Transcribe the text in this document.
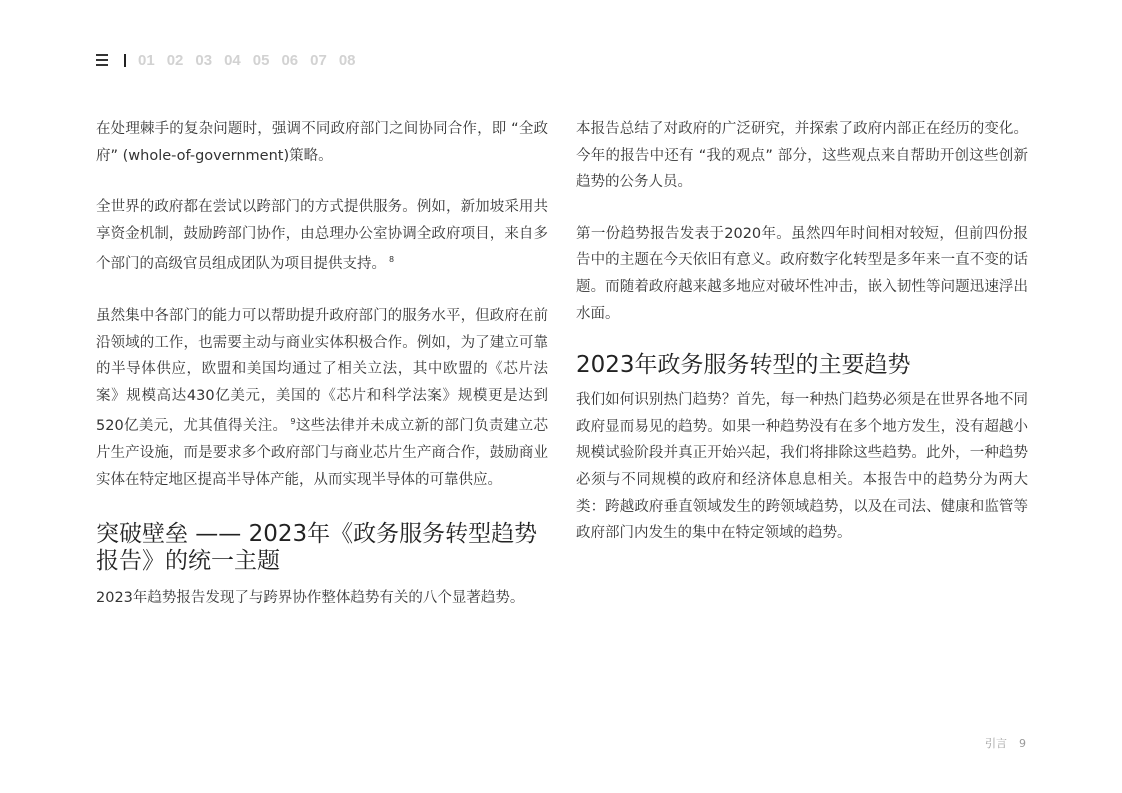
01 02 03 04 05 06 07 08

在处理棘手的复杂问题时，强调不同政府部门之间协同合作，即 “全政府” (whole-of-government)策略。

全世界的政府都在尝试以跨部门的方式提供服务。例如，新加坡采用共享资金机制，鼓励跨部门协作，由总理办公室协调全政府项目，来自多个部门的高级官员组成团队为项目提供支持。 $^8$

虽然集中各部门的能力可以帮助提升政府部门的服务水平，但政府在前沿领域的工作，也需要主动与商业实体积极合作。例如，为了建立可靠的半导体供应，欧盟和美国均通过了相关立法，其中欧盟的《芯片法案》规模高达430亿美元，美国的《芯片和科学法案》规模更是达到520亿美元，尤其值得关注。 $^9$这些法律并未成立新的部门负责建立芯片生产设施，而是要求多个政府部门与商业芯片生产商合作，鼓励商业实体在特定地区提高半导体产能，从而实现半导体的可靠供应。

突破壁垒 —— 2023年《政务服务转型趋势报告》的统一主题

2023年趋势报告发现了与跨界协作整体趋势有关的八个显著趋势。

本报告总结了对政府的广泛研究，并探索了政府内部正在经历的变化。今年的报告中还有 “我的观点” 部分，这些观点来自帮助开创这些创新趋势的公务人员。

第一份趋势报告发表于2020年。虽然四年时间相对较短，但前四份报告中的主题在今天依旧有意义。政府数字化转型是多年来一直不变的话题。而随着政府越来越多地应对破坏性冲击，嵌入韧性等问题迅速浮出水面。

2023年政务服务转型的主要趋势

我们如何识别热门趋势？首先，每一种热门趋势必须是在世界各地不同政府显而易见的趋势。如果一种趋势没有在多个地方发生，没有超越小规模试验阶段并真正开始兴起，我们将排除这些趋势。此外，一种趋势必须与不同规模的政府和经济体息息相关。本报告中的趋势分为两大类：跨越政府垂直领域发生的跨领域趋势，以及在司法、健康和监管等政府部门内发生的集中在特定领域的趋势。

引言 9
